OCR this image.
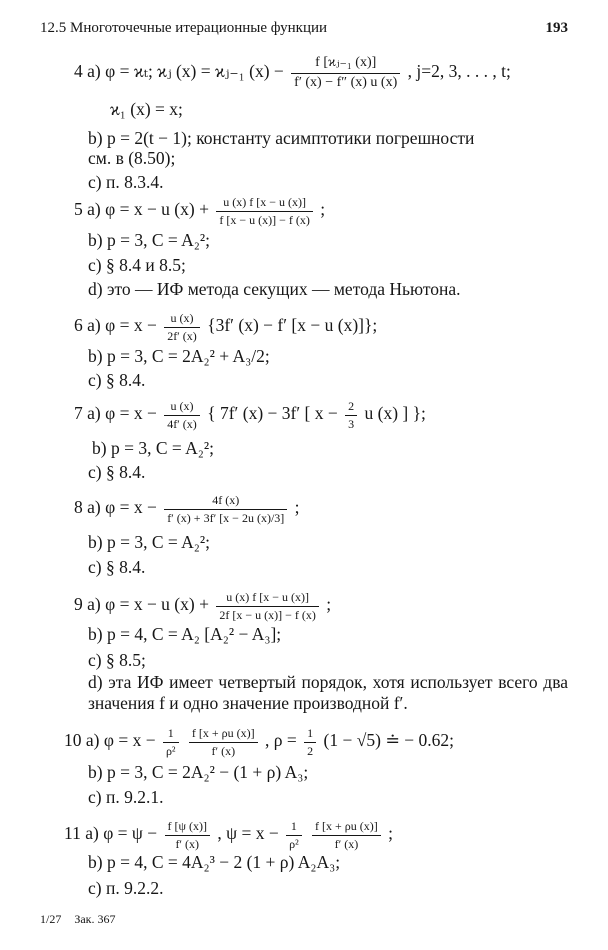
12.5 Многоточечные итерационные функции	193
4 a) φ = ϰₜ; ϰⱼ (x) = ϰⱼ₋₁ $(x) - \frac{\text{f [ϰⱼ₋₁ (x)]}}{f' (x) - f'' (x) u (x)}$ , j=2, 3, . . . , t;
ϰ₁ (x) = x;
b) p = 2(t − 1); константу асимптотики погрешности
см. в (8.50);
c) п. 8.3.4.
5 a) φ = x − u $(x) + \frac{u (x) f [x - u (x)]}{f [x - u (x)] - f (x)}$ ;
b) p = 3, C = A₂²;
c) § 8.4 и 8.5;
d) это — ИФ метода секущих — метода Ньютона.
6 a) $\varphi = x - \frac{u (x)}{2f' (x)} \{3f'$ (x) − f′ [x − u (x)]};
b) p = 3, C = 2A₂² + A₃/2;
c) § 8.4.
7 a) $\varphi = x - \frac{u (x)}{4f' (x)}$ { 7f′ (x) − 3f′ [ $x - \frac{2}{3}$ u (x) ] };
b) p = 3, C = A₂²;
c) § 8.4.
8 a) $\varphi = x - \frac{4f (x)}{f' (x) + 3f' [x - 2u (x)/3]}$ ;
b) p = 3, C = A₂²;
c) § 8.4.
9 a) φ = x − u $(x) + \frac{u (x) f [x - u (x)]}{2f [x - u (x)] - f (x)}$ ;
b) p = 4, C = A₂ [A₂² − A₃];
c) § 8.5;
d) эта ИФ имеет четвертый порядок, хотя использует всего два значения f и одно значение производной f′.
10 a) $\varphi = x - \frac{1}{\text{ρ²}}$
$\frac{f [x + \rho u (x)]}{f' (x)}$ , $\rho = \frac{1}{2} (1 - √5)$ ≐ − 0.62;
b) p = 3, C = 2A₂² − (1 + ρ) A₃;
c) п. 9.2.1.
11 a) $\varphi = \psi - \frac{f [\psi (x)]}{f' (x)}$ , $\psi = x - \frac{1}{\text{ρ²}}$
$\frac{f [x + \rho u (x)]}{f' (x)}$ ;
b) p = 4, C = 4A₂³ − 2 (1 + ρ) A₂A₃;
c) п. 9.2.2.
1/27 Зак. 367
